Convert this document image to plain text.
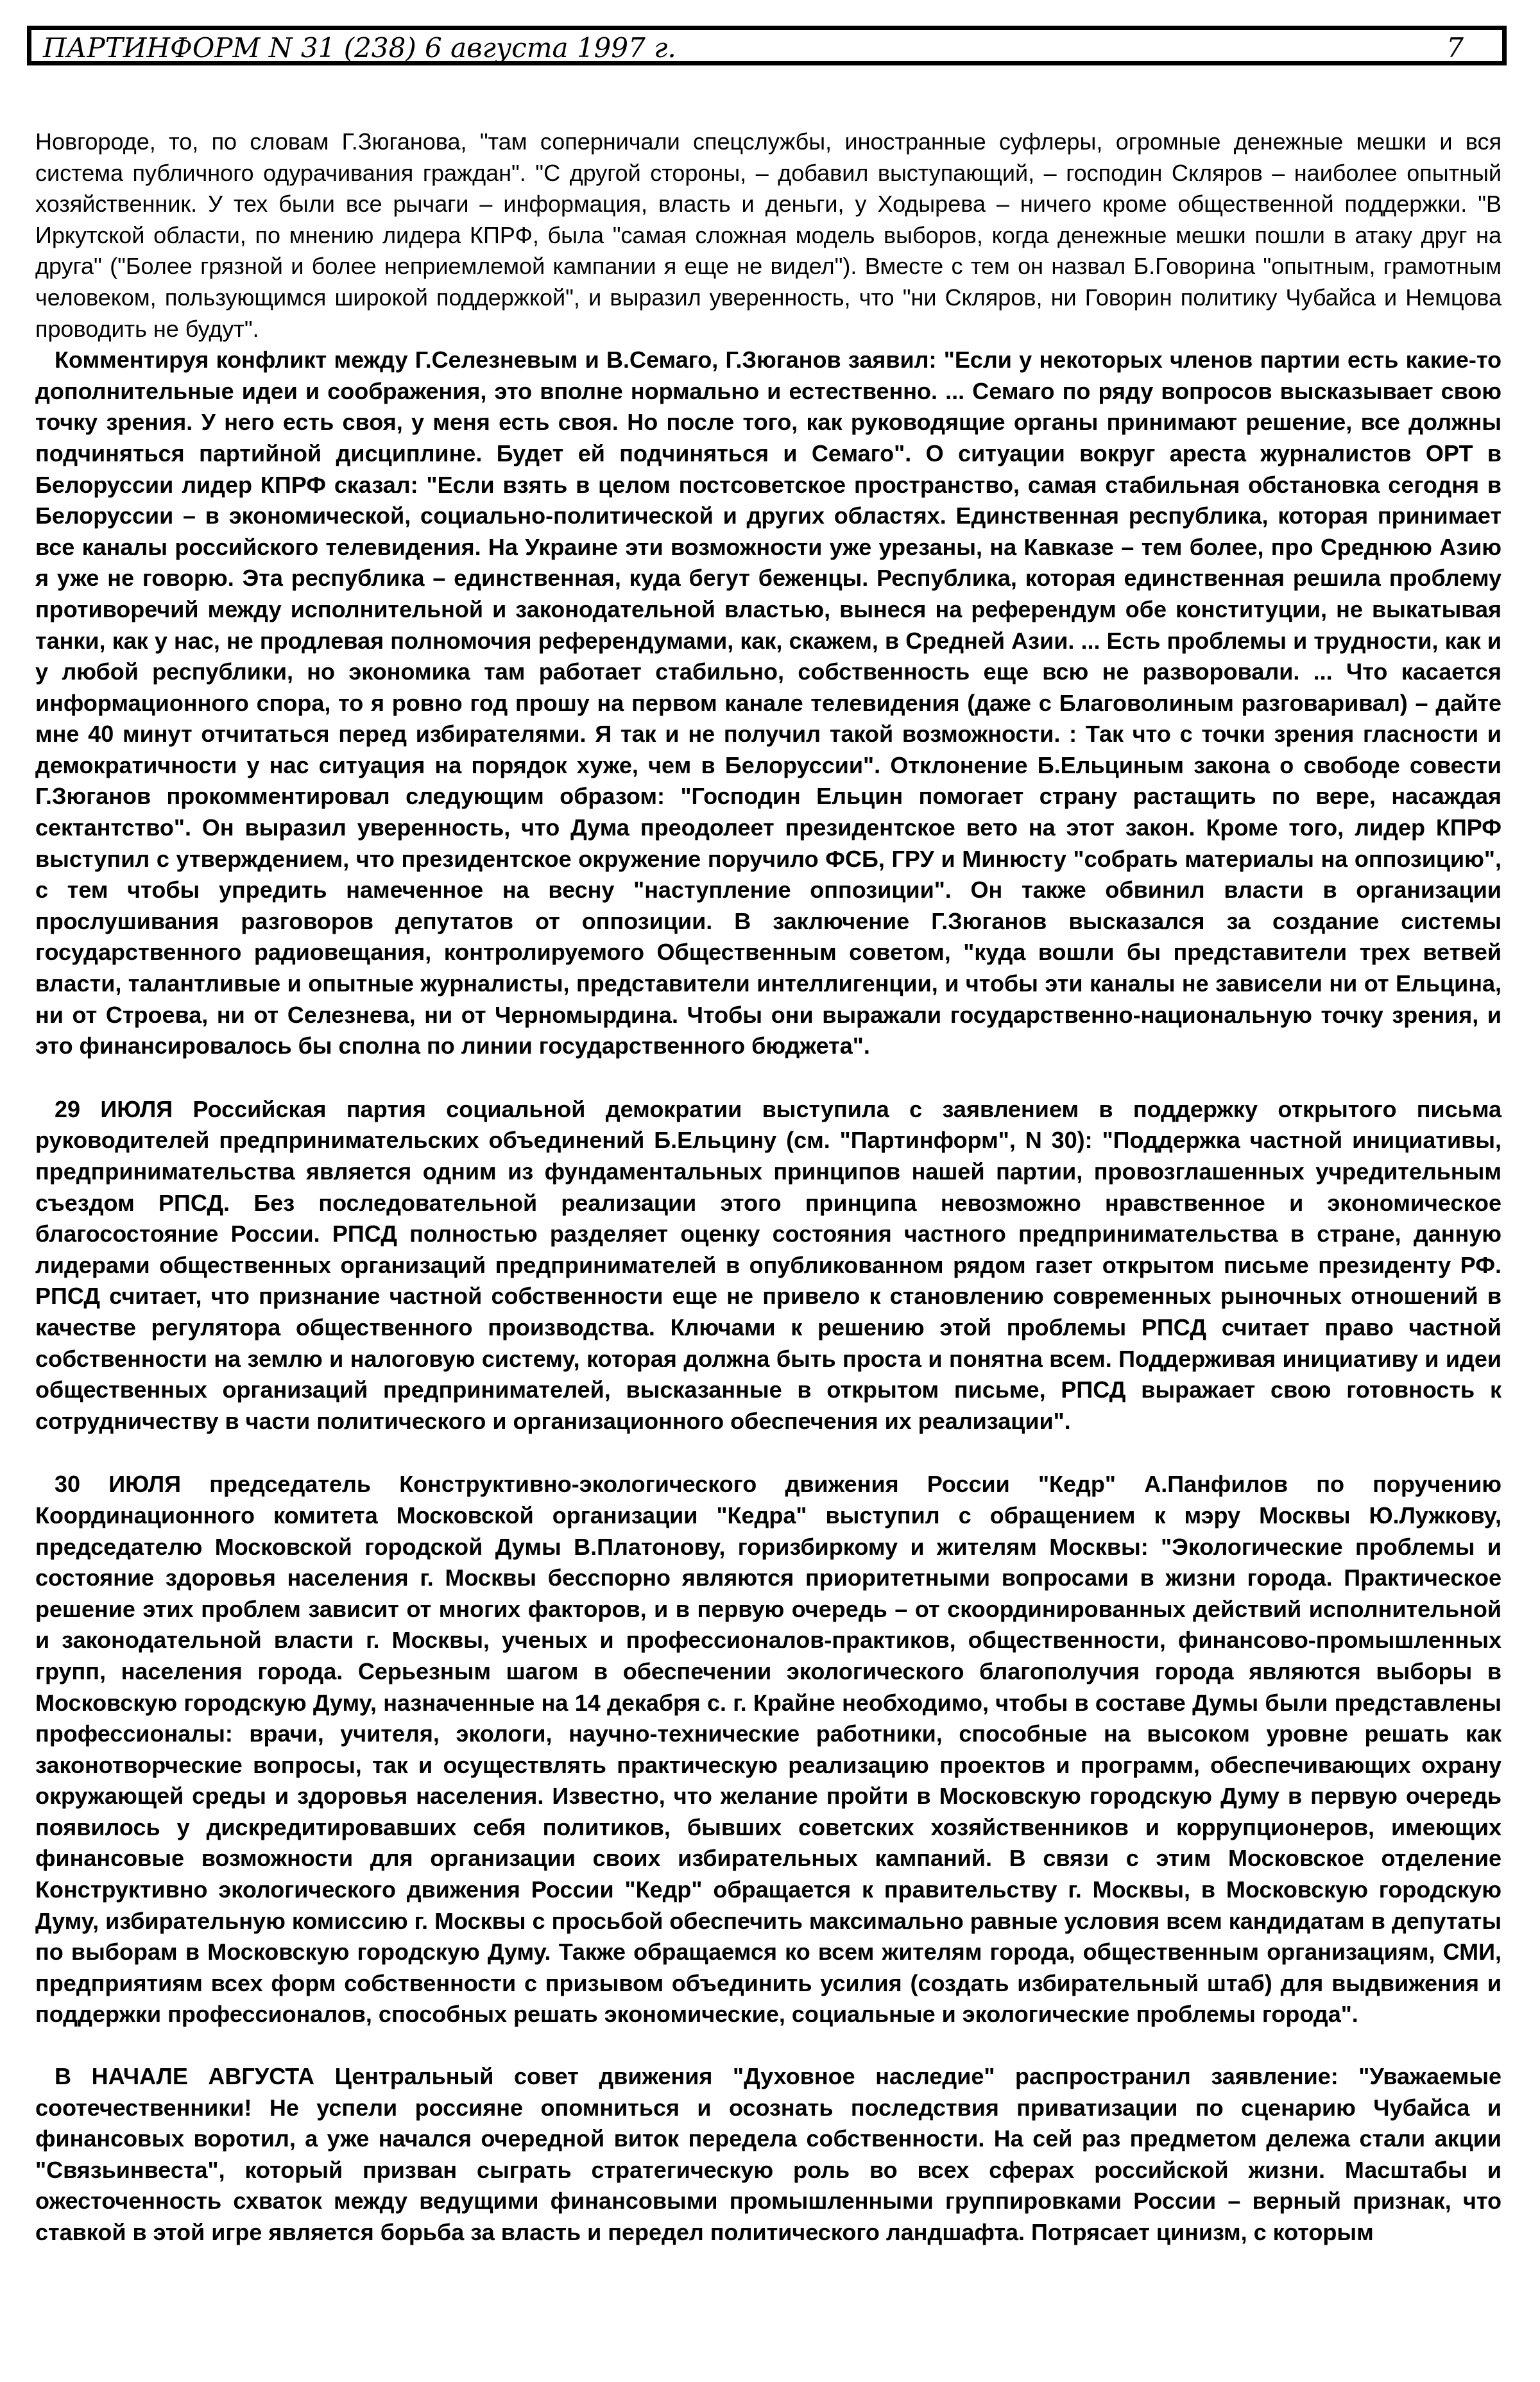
ПАРТИНФОРМ N 31 (238) 6 августа 1997 г.	7

Новгороде, то, по словам Г.Зюганова, "там соперничали спецслужбы, иностранные суфлеры, огромные денежные мешки и вся система публичного одурачивания граждан". "С другой стороны, – добавил выступающий, – господин Скляров – наиболее опытный хозяйственник. У тех были все рычаги – информация, власть и деньги, у Ходырева – ничего кроме общественной поддержки. "В Иркутской области, по мнению лидера КПРФ, была "самая сложная модель выборов, когда денежные мешки пошли в атаку друг на друга" ("Более грязной и более неприемлемой кампании я еще не видел"). Вместе с тем он назвал Б.Говорина "опытным, грамотным человеком, пользующимся широкой поддержкой", и выразил уверенность, что "ни Скляров, ни Говорин политику Чубайса и Немцова проводить не будут".

Комментируя конфликт между Г.Селезневым и В.Семаго, Г.Зюганов заявил: "Если у некоторых членов партии есть какие-то дополнительные идеи и соображения, это вполне нормально и естественно. ... Семаго по ряду вопросов высказывает свою точку зрения. У него есть своя, у меня есть своя. Но после того, как руководящие органы принимают решение, все должны подчиняться партийной дисциплине. Будет ей подчиняться и Семаго". О ситуации вокруг ареста журналистов ОРТ в Белоруссии лидер КПРФ сказал: "Если взять в целом постсоветское пространство, самая стабильная обстановка сегодня в Белоруссии – в экономической, социально-политической и других областях. Единственная республика, которая принимает все каналы российского телевидения. На Украине эти возможности уже урезаны, на Кавказе – тем более, про Среднюю Азию я уже не говорю. Эта республика – единственная, куда бегут беженцы. Республика, которая единственная решила проблему противоречий между исполнительной и законодательной властью, вынеся на референдум обе конституции, не выкатывая танки, как у нас, не продлевая полномочия референдумами, как, скажем, в Средней Азии. ... Есть проблемы и трудности, как и у любой республики, но экономика там работает стабильно, собственность еще всю не разворовали. ... Что касается информационного спора, то я ровно год прошу на первом канале телевидения (даже с Благоволиным разговаривал) – дайте мне 40 минут отчитаться перед избирателями. Я так и не получил такой возможности. : Так что с точки зрения гласности и демократичности у нас ситуация на порядок хуже, чем в Белоруссии". Отклонение Б.Ельциным закона о свободе совести Г.Зюганов прокомментировал следующим образом: "Господин Ельцин помогает страну растащить по вере, насаждая сектантство". Он выразил уверенность, что Дума преодолеет президентское вето на этот закон. Кроме того, лидер КПРФ выступил с утверждением, что президентское окружение поручило ФСБ, ГРУ и Минюсту "собрать материалы на оппозицию", с тем чтобы упредить намеченное на весну "наступление оппозиции". Он также обвинил власти в организации прослушивания разговоров депутатов от оппозиции. В заключение Г.Зюганов высказался за создание системы государственного радиовещания, контролируемого Общественным советом, "куда вошли бы представители трех ветвей власти, талантливые и опытные журналисты, представители интеллигенции, и чтобы эти каналы не зависели ни от Ельцина, ни от Строева, ни от Селезнева, ни от Черномырдина. Чтобы они выражали государственно-национальную точку зрения, и это финансировалось бы сполна по линии государственного бюджета".

29 ИЮЛЯ Российская партия социальной демократии выступила с заявлением в поддержку открытого письма руководителей предпринимательских объединений Б.Ельцину (см. "Партинформ", N 30): "Поддержка частной инициативы, предпринимательства является одним из фундаментальных принципов нашей партии, провозглашенных учредительным съездом РПСД. Без последовательной реализации этого принципа невозможно нравственное и экономическое благосостояние России. РПСД полностью разделяет оценку состояния частного предпринимательства в стране, данную лидерами общественных организаций предпринимателей в опубликованном рядом газет открытом письме президенту РФ. РПСД считает, что признание частной собственности еще не привело к становлению современных рыночных отношений в качестве регулятора общественного производства. Ключами к решению этой проблемы РПСД считает право частной собственности на землю и налоговую систему, которая должна быть проста и понятна всем. Поддерживая инициативу и идеи общественных организаций предпринимателей, высказанные в открытом письме, РПСД выражает свою готовность к сотрудничеству в части политического и организационного обеспечения их реализации".

30 ИЮЛЯ председатель Конструктивно-экологического движения России "Кедр" А.Панфилов по поручению Координационного комитета Московской организации "Кедра" выступил с обращением к мэру Москвы Ю.Лужкову, председателю Московской городской Думы В.Платонову, горизбиркому и жителям Москвы: "Экологические проблемы и состояние здоровья населения г. Москвы бесспорно являются приоритетными вопросами в жизни города. Практическое решение этих проблем зависит от многих факторов, и в первую очередь – от скоординированных действий исполнительной и законодательной власти г. Москвы, ученых и профессионалов-практиков, общественности, финансово-промышленных групп, населения города. Серьезным шагом в обеспечении экологического благополучия города являются выборы в Московскую городскую Думу, назначенные на 14 декабря с. г. Крайне необходимо, чтобы в составе Думы были представлены профессионалы: врачи, учителя, экологи, научно-технические работники, способные на высоком уровне решать как законотворческие вопросы, так и осуществлять практическую реализацию проектов и программ, обеспечивающих охрану окружающей среды и здоровья населения. Известно, что желание пройти в Московскую городскую Думу в первую очередь появилось у дискредитировавших себя политиков, бывших советских хозяйственников и коррупционеров, имеющих финансовые возможности для организации своих избирательных кампаний. В связи с этим Московское отделение Конструктивно экологического движения России "Кедр" обращается к правительству г. Москвы, в Московскую городскую Думу, избирательную комиссию г. Москвы с просьбой обеспечить максимально равные условия всем кандидатам в депутаты по выборам в Московскую городскую Думу. Также обращаемся ко всем жителям города, общественным организациям, СМИ, предприятиям всех форм собственности с призывом объединить усилия (создать избирательный штаб) для выдвижения и поддержки профессионалов, способных решать экономические, социальные и экологические проблемы города".

В НАЧАЛЕ АВГУСТА Центральный совет движения "Духовное наследие" распространил заявление: "Уважаемые соотечественники! Не успели россияне опомниться и осознать последствия приватизации по сценарию Чубайса и финансовых воротил, а уже начался очередной виток передела собственности. На сей раз предметом дележа стали акции "Связьинвеста", который призван сыграть стратегическую роль во всех сферах российской жизни. Масштабы и ожесточенность схваток между ведущими финансовыми промышленными группировками России – верный признак, что ставкой в этой игре является борьба за власть и передел политического ландшафта. Потрясает цинизм, с которым
